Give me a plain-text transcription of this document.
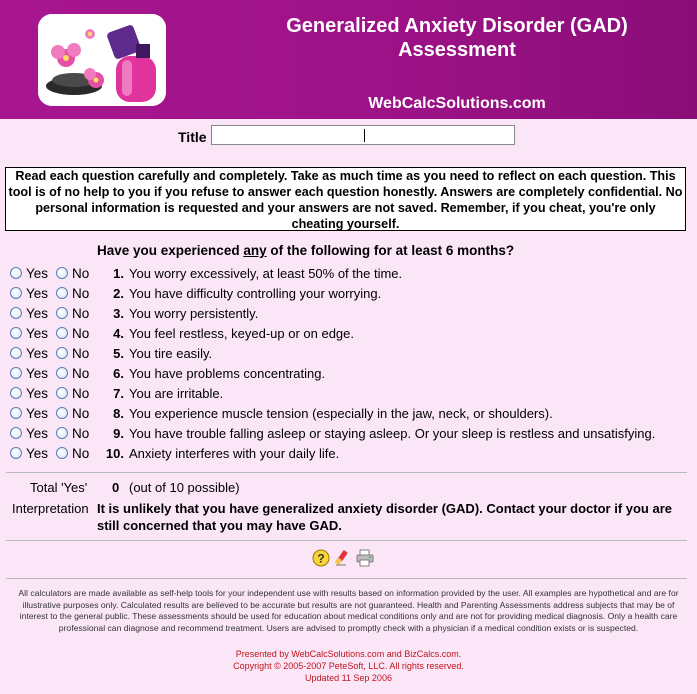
Generalized Anxiety Disorder (GAD)
Assessment
WebCalcSolutions.com
Title
Read each question carefully and completely. Take as much time as you need to reflect on each question. This tool is of no help to you if you refuse to answer each question honestly. Answers are completely confidential. No personal information is requested and your answers are not saved. Remember, if you cheat, you're only cheating yourself.
Have you experienced any of the following for at least 6 months?
Yes No	1. You worry excessively, at least 50% of the time.
Yes No	2. You have difficulty controlling your worrying.
Yes No	3. You worry persistently.
Yes No	4. You feel restless, keyed-up or on edge.
Yes No	5. You tire easily.
Yes No	6. You have problems concentrating.
Yes No	7. You are irritable.
Yes No	8. You experience muscle tension (especially in the jaw, neck, or shoulders).
Yes No	9. You have trouble falling asleep or staying asleep. Or your sleep is restless and unsatisfying.
Yes No	10. Anxiety interferes with your daily life.
Total 'Yes' 0 (out of 10 possible)
Interpretation It is unlikely that you have generalized anxiety disorder (GAD). Contact your doctor if you are still concerned that you may have GAD.
?
All calculators are made available as self-help tools for your independent use with results based on information provided by the user. All examples are hypothetical and are for illustrative purposes only. Calculated results are believed to be accurate but results are not guaranteed. Health and Parenting Assessments address subjects that may be of interest to the general public. These assessments should be used for education about medical conditions only and are not for providing medical diagnosis. Only a health care professional can diagnose and recommend treatment. Users are advised to promptly check with a physician if a medical condition exists or is suspected.
Presented by WebCalcSolutions.com and BizCalcs.com.
Copyright © 2005-2007 PeteSoft, LLC. All rights reserved.
Updated 11 Sep 2006
